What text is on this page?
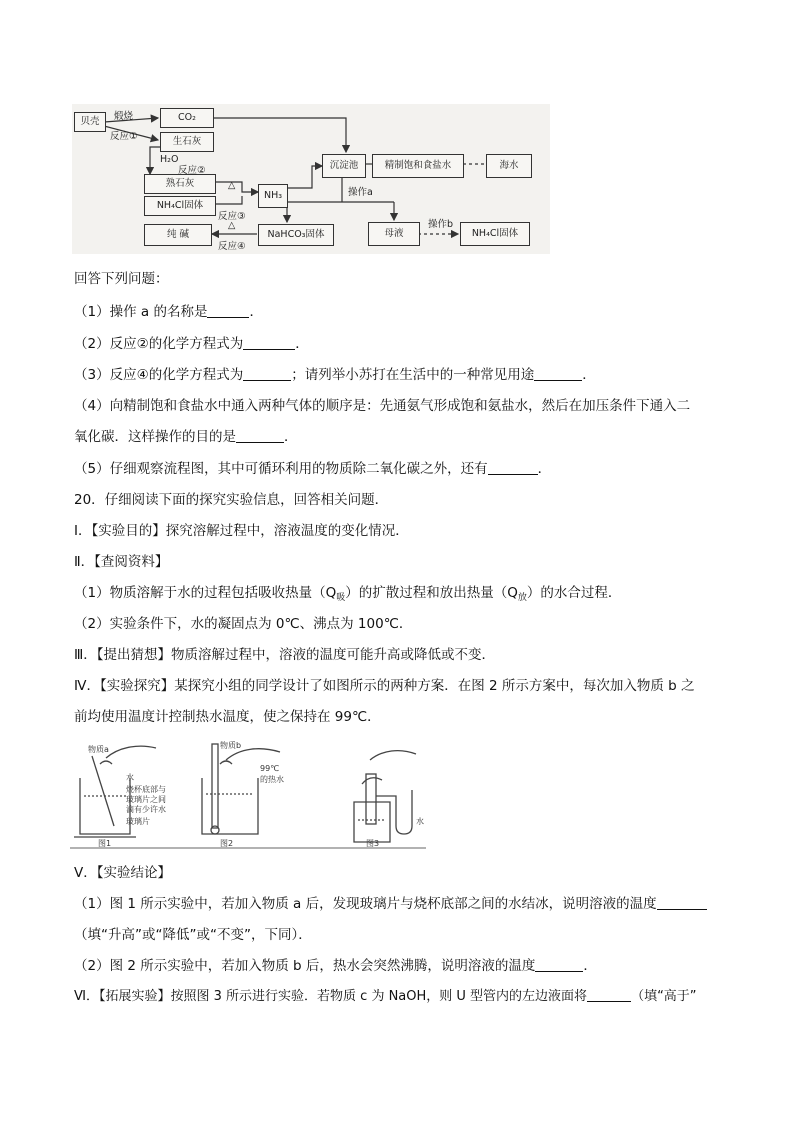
贝壳	CO₂
生石灰
熟石灰
NH₄Cl固体
NH₃
纯 碱
沉淀池	精制饱和食盐水	海水
NaHCO₃固体	母液	NH₄Cl固体
煅烧
反应①
H₂O
反应②
△
反应③
△
反应④
操作a
操作b
回答下列问题：
（1）操作 a 的名称是	．
（2）反应②的化学方程式为	．
（3）反应④的化学方程式为	；请列举小苏打在生活中的一种常见用途	．
（4）向精制饱和食盐水中通入两种气体的顺序是：先通氨气形成饱和氨盐水，然后在加压条件下通入二
氧化碳．这样操作的目的是	．
（5）仔细观察流程图，其中可循环利用的物质除二氧化碳之外，还有	．
20．仔细阅读下面的探究实验信息，回答相关问题．
Ⅰ．【实验目的】探究溶解过程中，溶液温度的变化情况．
Ⅱ．【查阅资料】
（1）物质溶解于水的过程包括吸收热量$(Q_吸)$的扩散过程和放出热量$(Q_放)$的水合过程．
（2）实验条件下，水的凝固点为 0℃、沸点为 100℃．
Ⅲ．【提出猜想】物质溶解过程中，溶液的温度可能升高或降低或不变．
Ⅳ．【实验探究】某探究小组的同学设计了如图所示的两种方案．在图 2 所示方案中，每次加入物质 b 之
前均使用温度计控制热水温度，使之保持在 99℃．
物质a
水
烧杯底部与
玻璃片之间
滴有少许水
玻璃片
图1
物质b
99℃
的热水
图2
水
图3
Ⅴ．【实验结论】
（1）图 1 所示实验中，若加入物质 a 后，发现玻璃片与烧杯底部之间的水结冰，说明溶液的温度
（填“升高”或“降低”或“不变”，下同）．
（2）图 2 所示实验中，若加入物质 b 后，热水会突然沸腾，说明溶液的温度	．
Ⅵ．【拓展实验】按照图 3 所示进行实验．若物质 c 为 NaOH，则 U 型管内的左边液面将	（填“高于”
